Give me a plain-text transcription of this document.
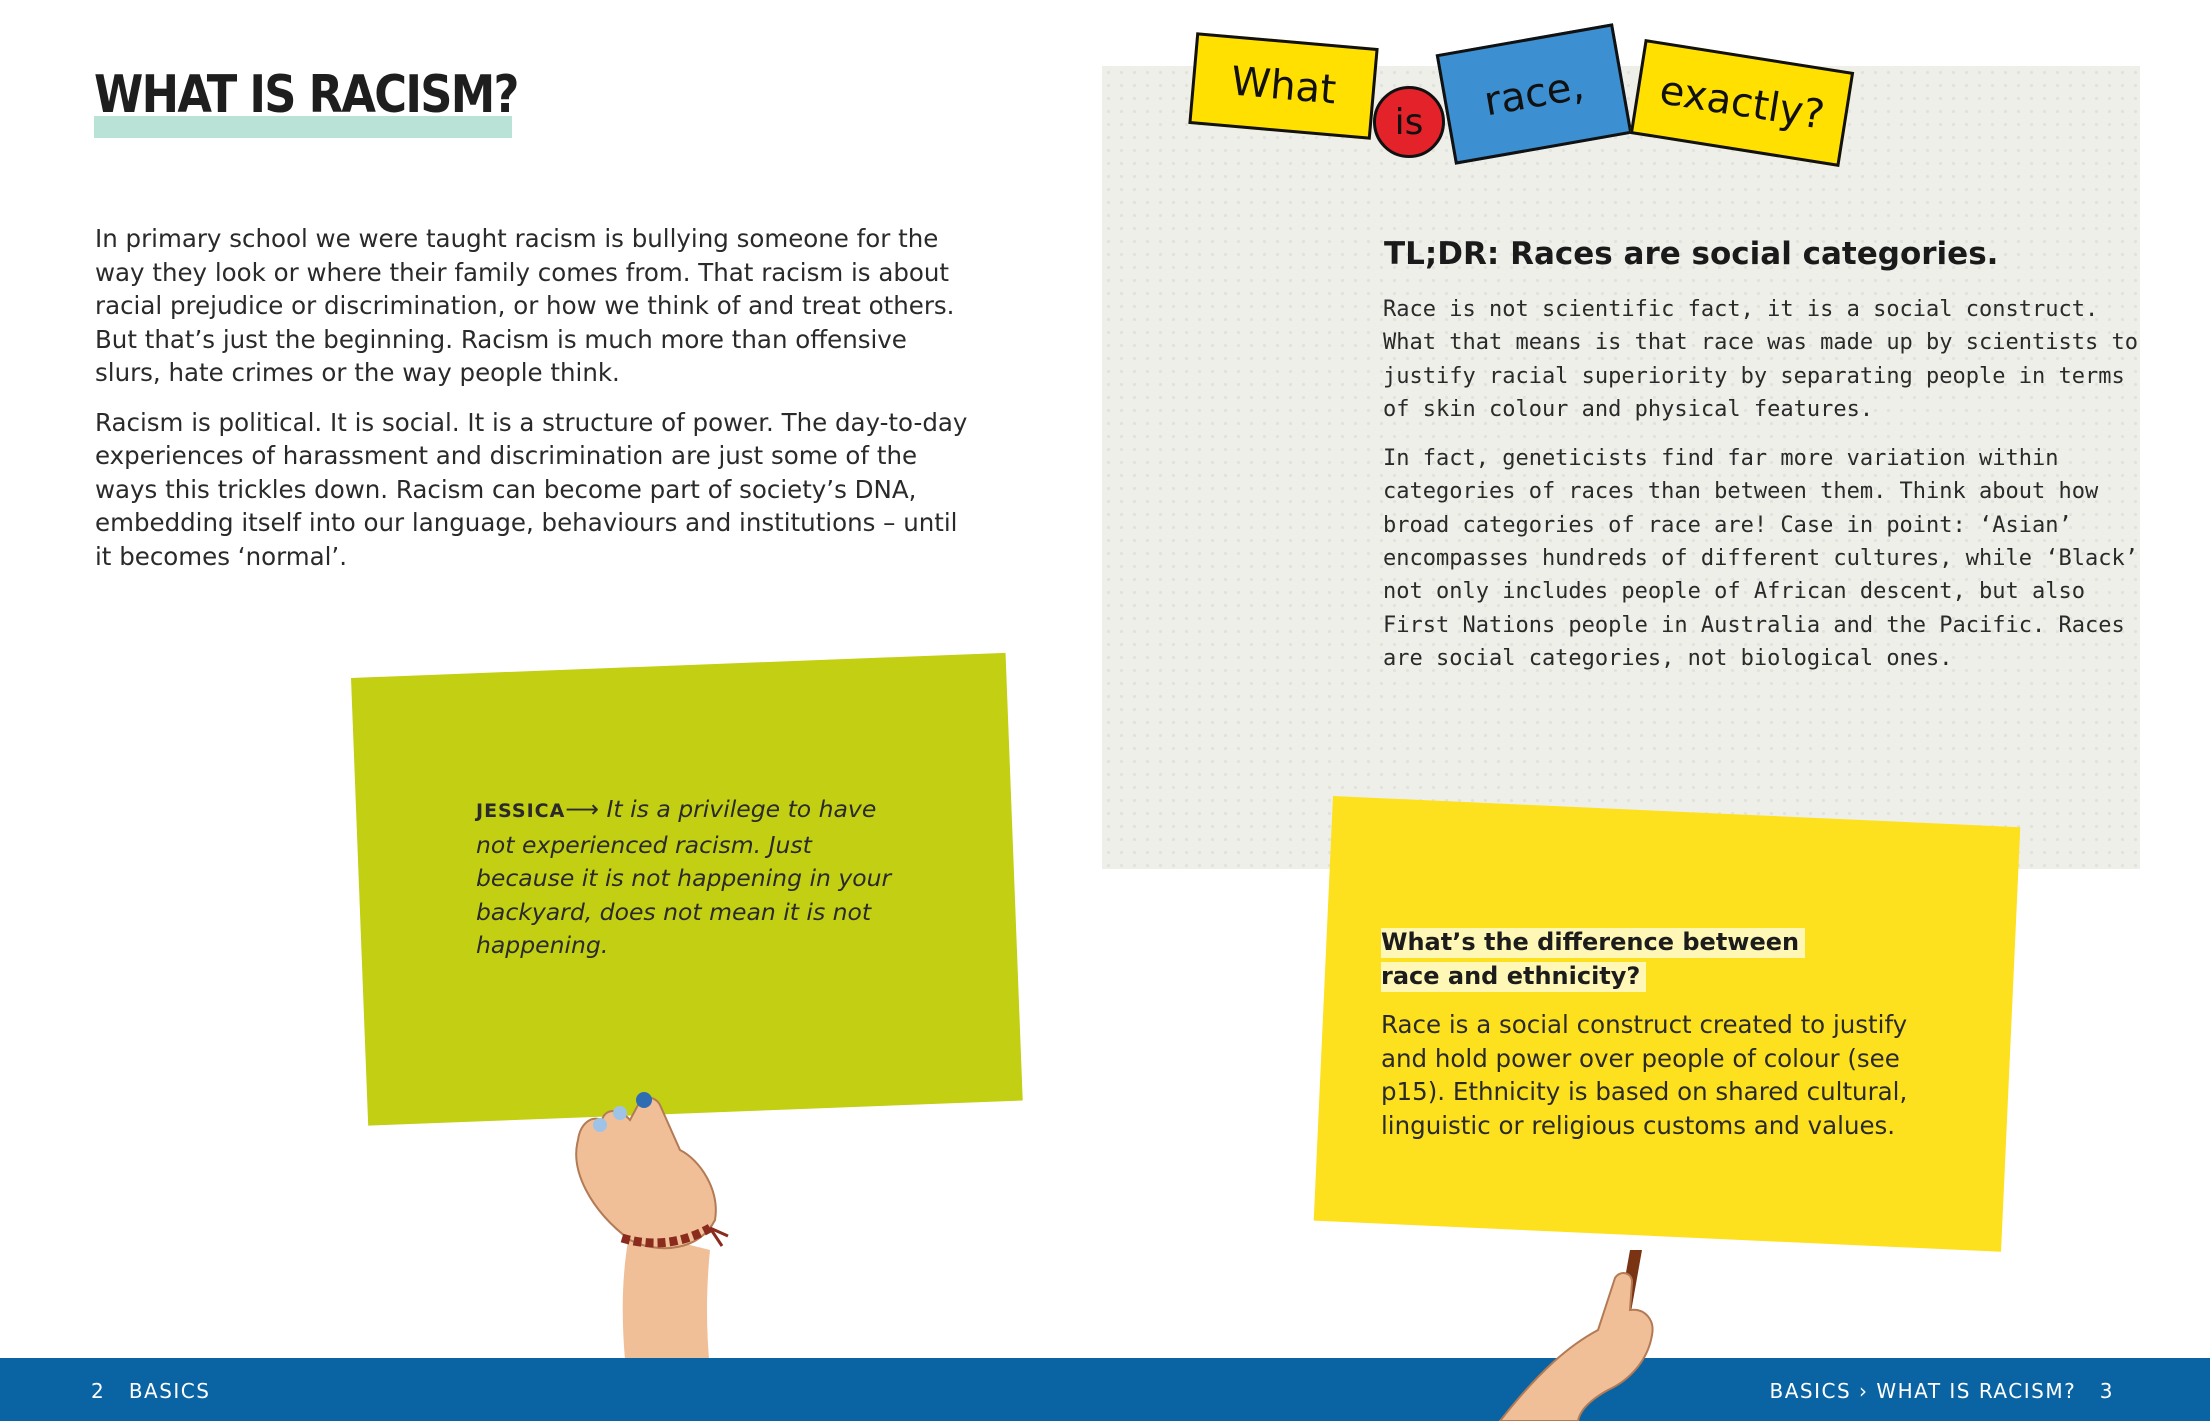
WHAT IS RACISM?

In primary school we were taught racism is bullying someone for the way they look or where their family comes from. That racism is about racial prejudice or discrimination, or how we think of and treat others. But that’s just the beginning. Racism is much more than offensive slurs, hate crimes or the way people think.

Racism is political. It is social. It is a structure of power. The day-to-day experiences of harassment and discrimination are just some of the ways this trickles down. Racism can become part of society’s DNA, embedding itself into our language, behaviours and institutions – until it becomes ‘normal’.

JESSICA⟶ It is a privilege to have not experienced racism. Just because it is not happening in your backyard, does not mean it is not happening.
What	race,
is	exactly?
TL;DR: Races are social categories.

Race is not scientific fact, it is a social construct. What that means is that race was made up by scientists to justify racial superiority by separating people in terms of skin colour and physical features.

In fact, geneticists find far more variation within categories of races than between them. Think about how broad categories of race are! Case in point: ‘Asian’ encompasses hundreds of different cultures, while ‘Black’ not only includes people of African descent, but also First Nations people in Australia and the Pacific. Races are social categories, not biological ones.

What’s the difference between
race and ethnicity?
Race is a social construct created to justify and hold power over people of colour (see p15). Ethnicity is based on shared cultural, linguistic or religious customs and values.
2 BASICS	BASICS › WHAT IS RACISM? 3
